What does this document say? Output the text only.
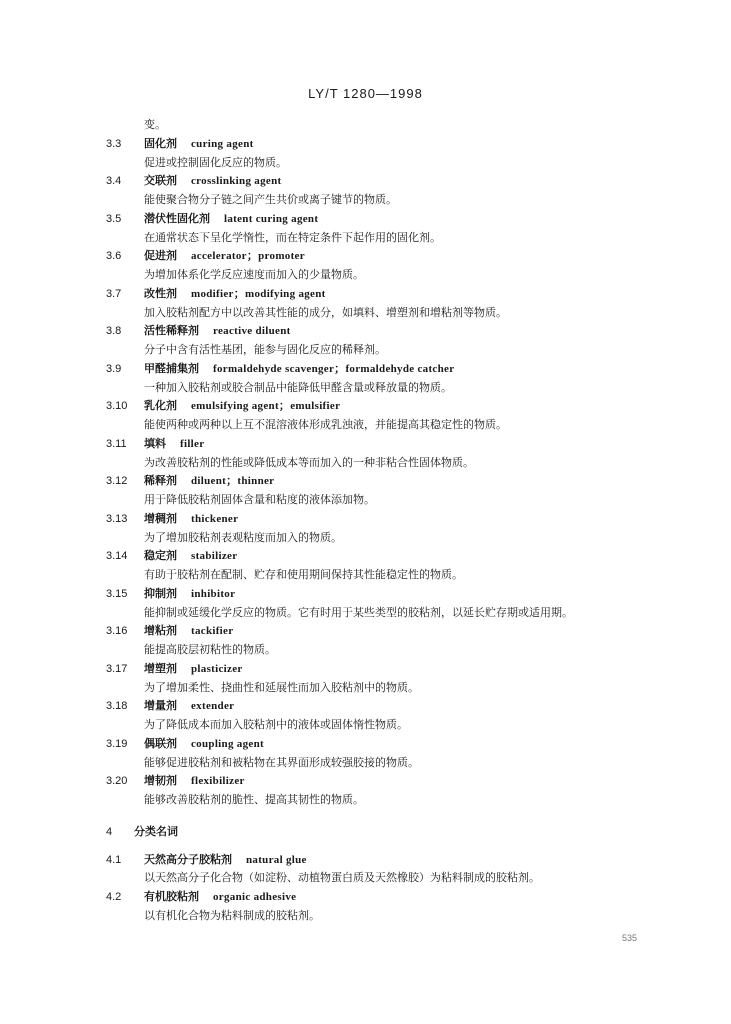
LY/T 1280—1998
变。
3.3	固化剂 curing agent
促进或控制固化反应的物质。
3.4	交联剂 crosslinking agent
能使聚合物分子链之间产生共价或离子键节的物质。
3.5	潜伏性固化剂 latent curing agent
在通常状态下呈化学惰性，而在特定条件下起作用的固化剂。
3.6	促进剂 accelerator；promoter
为增加体系化学反应速度而加入的少量物质。
3.7	改性剂 modifier；modifying agent
加入胶粘剂配方中以改善其性能的成分，如填料、增塑剂和增粘剂等物质。
3.8	活性稀释剂 reactive diluent
分子中含有活性基团，能参与固化反应的稀释剂。
3.9	甲醛捕集剂 formaldehyde scavenger；formaldehyde catcher
一种加入胶粘剂或胶合制品中能降低甲醛含量或释放量的物质。
3.10	乳化剂 emulsifying agent；emulsifier
能使两种或两种以上互不混溶液体形成乳浊液，并能提高其稳定性的物质。
3.11	填料 filler
为改善胶粘剂的性能或降低成本等而加入的一种非粘合性固体物质。
3.12	稀释剂 diluent；thinner
用于降低胶粘剂固体含量和粘度的液体添加物。
3.13	增稠剂 thickener
为了增加胶粘剂表观粘度而加入的物质。
3.14	稳定剂 stabilizer
有助于胶粘剂在配制、贮存和使用期间保持其性能稳定性的物质。
3.15	抑制剂 inhibitor
能抑制或延缓化学反应的物质。它有时用于某些类型的胶粘剂，以延长贮存期或适用期。
3.16	增粘剂 tackifier
能提高胶层初粘性的物质。
3.17	增塑剂 plasticizer
为了增加柔性、挠曲性和延展性而加入胶粘剂中的物质。
3.18	增量剂 extender
为了降低成本而加入胶粘剂中的液体或固体惰性物质。
3.19	偶联剂 coupling agent
能够促进胶粘剂和被粘物在其界面形成较强胶接的物质。
3.20	增韧剂 flexibilizer
能够改善胶粘剂的脆性、提高其韧性的物质。
4	分类名词
4.1	天然高分子胶粘剂 natural glue
以天然高分子化合物（如淀粉、动植物蛋白质及天然橡胶）为粘料制成的胶粘剂。
4.2	有机胶粘剂 organic adhesive
以有机化合物为粘料制成的胶粘剂。
535
